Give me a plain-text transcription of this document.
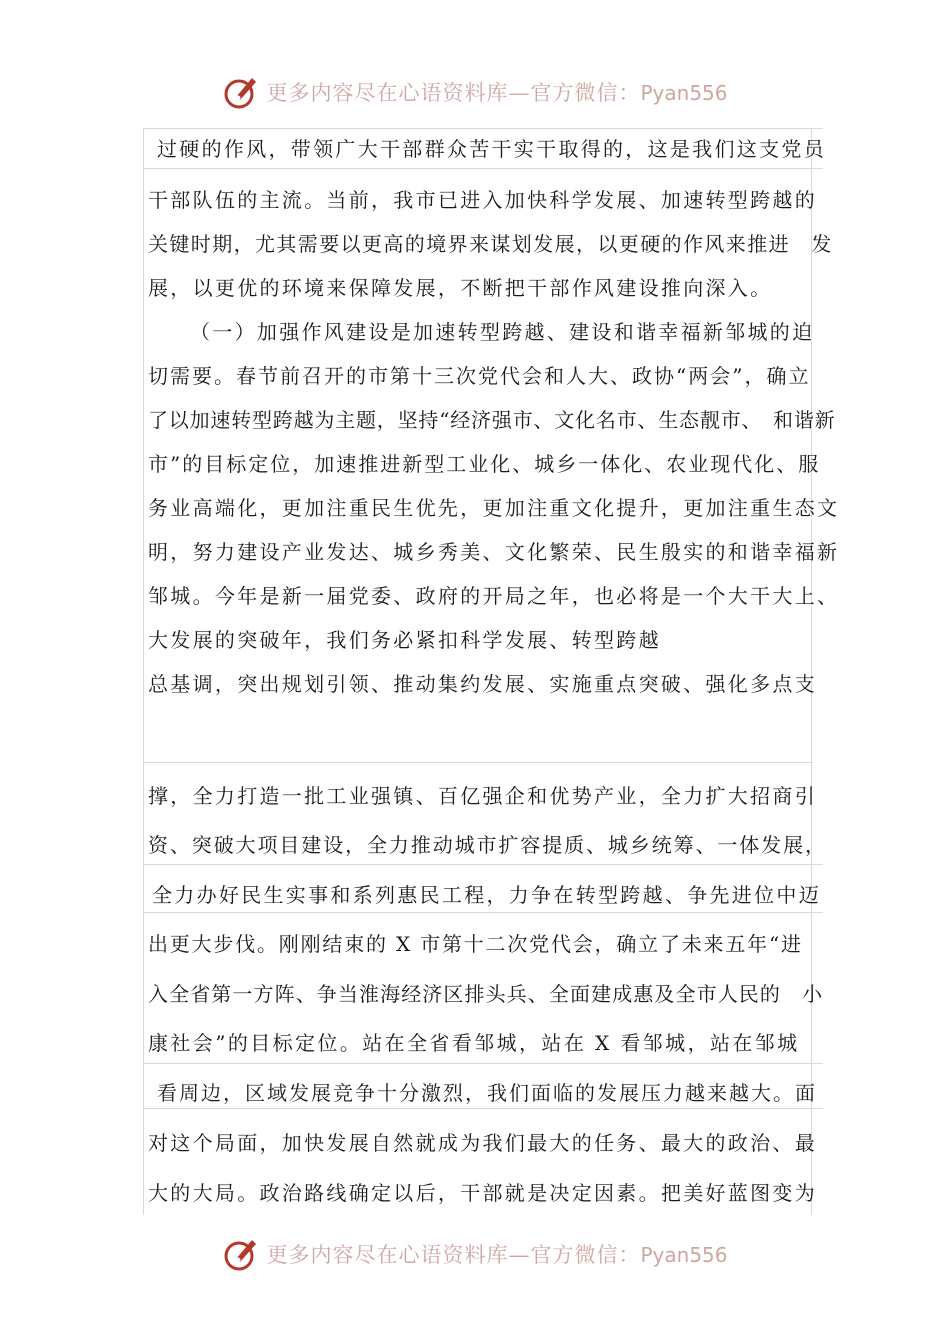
更多内容尽在心语资料库—官方微信：Pyan556
过硬的作风，带领广大干部群众苦干实干取得的，这是我们这支党员
干部队伍的主流。当前，我市已进入加快科学发展、加速转型跨越的
关键时期，尤其需要以更高的境界来谋划发展，以更硬的作风来推进　发
展，以更优的环境来保障发展，不断把干部作风建设推向深入。
（一）加强作风建设是加速转型跨越、建设和谐幸福新邹城的迫
切需要。春节前召开的市第十三次党代会和人大、政协“两会”，确立
了以加速转型跨越为主题，坚持“经济强市、文化名市、生态靓市、　和谐新
市”的目标定位，加速推进新型工业化、城乡一体化、农业现代化、服
务业高端化，更加注重民生优先，更加注重文化提升，更加注重生态文
明，努力建设产业发达、城乡秀美、文化繁荣、民生殷实的和谐幸福新
邹城。今年是新一届党委、政府的开局之年，也必将是一个大干大上、
大发展的突破年，我们务必紧扣科学发展、转型跨越
总基调，突出规划引领、推动集约发展、实施重点突破、强化多点支
撑，全力打造一批工业强镇、百亿强企和优势产业，全力扩大招商引
资、突破大项目建设，全力推动城市扩容提质、城乡统筹、一体发展，
全力办好民生实事和系列惠民工程，力争在转型跨越、争先进位中迈
出更大步伐。刚刚结束的 X 市第十二次党代会，确立了未来五年“进
入全省第一方阵、争当淮海经济区排头兵、全面建成惠及全市人民的　小
康社会”的目标定位。站在全省看邹城，站在 X 看邹城，站在邹城
看周边，区域发展竞争十分激烈，我们面临的发展压力越来越大。面
对这个局面，加快发展自然就成为我们最大的任务、最大的政治、最
大的大局。政治路线确定以后，干部就是决定因素。把美好蓝图变为
更多内容尽在心语资料库—官方微信：Pyan556
